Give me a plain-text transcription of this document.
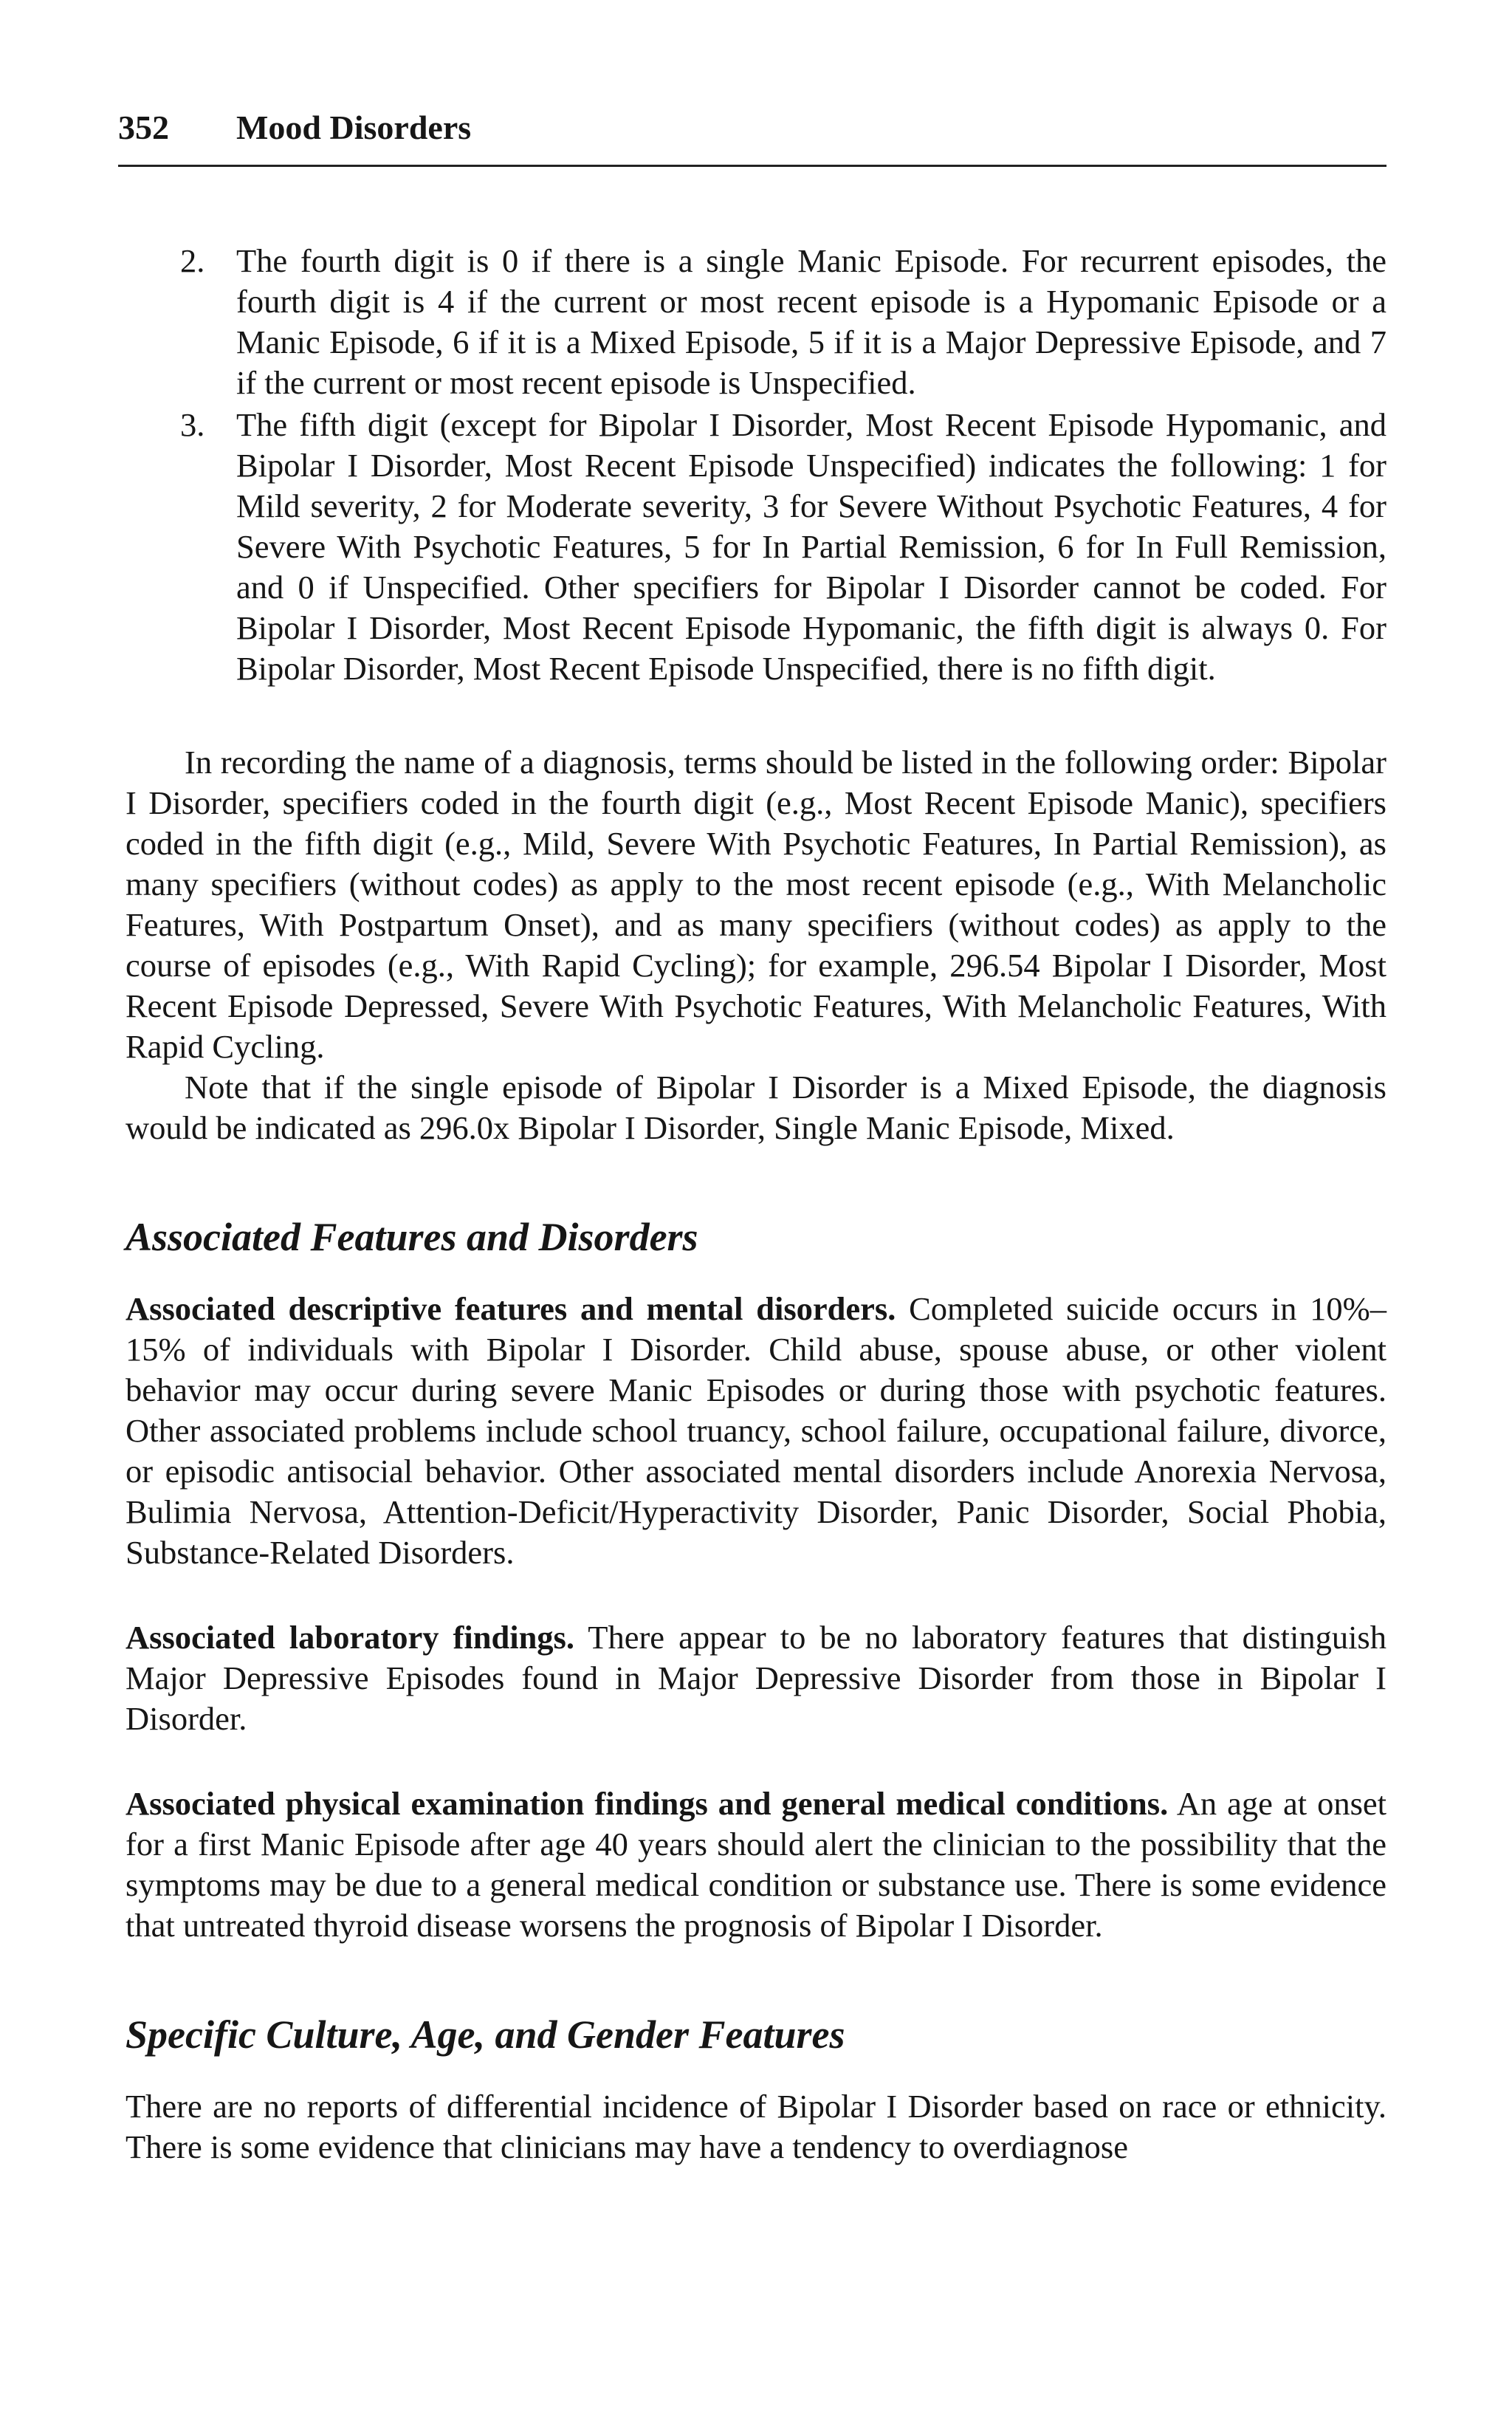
352 Mood Disorders
2. The fourth digit is 0 if there is a single Manic Episode. For recurrent episodes, the fourth digit is 4 if the current or most recent episode is a Hypomanic Episode or a Manic Episode, 6 if it is a Mixed Episode, 5 if it is a Major Depressive Episode, and 7 if the current or most recent episode is Unspecified.
3. The fifth digit (except for Bipolar I Disorder, Most Recent Episode Hypomanic, and Bipolar I Disorder, Most Recent Episode Unspecified) indicates the following: 1 for Mild severity, 2 for Moderate severity, 3 for Severe Without Psychotic Features, 4 for Severe With Psychotic Features, 5 for In Partial Remission, 6 for In Full Remission, and 0 if Unspecified. Other specifiers for Bipolar I Disorder cannot be coded. For Bipolar I Disorder, Most Recent Episode Hypomanic, the fifth digit is always 0. For Bipolar Disorder, Most Recent Episode Unspecified, there is no fifth digit.

In recording the name of a diagnosis, terms should be listed in the following order: Bipolar I Disorder, specifiers coded in the fourth digit (e.g., Most Recent Episode Manic), specifiers coded in the fifth digit (e.g., Mild, Severe With Psychotic Features, In Partial Remission), as many specifiers (without codes) as apply to the most recent episode (e.g., With Melancholic Features, With Postpartum Onset), and as many specifiers (without codes) as apply to the course of episodes (e.g., With Rapid Cycling); for example, 296.54 Bipolar I Disorder, Most Recent Episode Depressed, Severe With Psychotic Features, With Melancholic Features, With Rapid Cycling.

Note that if the single episode of Bipolar I Disorder is a Mixed Episode, the diagnosis would be indicated as 296.0x Bipolar I Disorder, Single Manic Episode, Mixed.

Associated Features and Disorders

Associated descriptive features and mental disorders. Completed suicide occurs in 10%–15% of individuals with Bipolar I Disorder. Child abuse, spouse abuse, or other violent behavior may occur during severe Manic Episodes or during those with psychotic features. Other associated problems include school truancy, school failure, occupational failure, divorce, or episodic antisocial behavior. Other associated mental disorders include Anorexia Nervosa, Bulimia Nervosa, Attention-Deficit/Hyperactivity Disorder, Panic Disorder, Social Phobia, Substance-Related Disorders.

Associated laboratory findings. There appear to be no laboratory features that distinguish Major Depressive Episodes found in Major Depressive Disorder from those in Bipolar I Disorder.

Associated physical examination findings and general medical conditions. An age at onset for a first Manic Episode after age 40 years should alert the clinician to the possibility that the symptoms may be due to a general medical condition or substance use. There is some evidence that untreated thyroid disease worsens the prognosis of Bipolar I Disorder.

Specific Culture, Age, and Gender Features

There are no reports of differential incidence of Bipolar I Disorder based on race or ethnicity. There is some evidence that clinicians may have a tendency to overdiagnose
